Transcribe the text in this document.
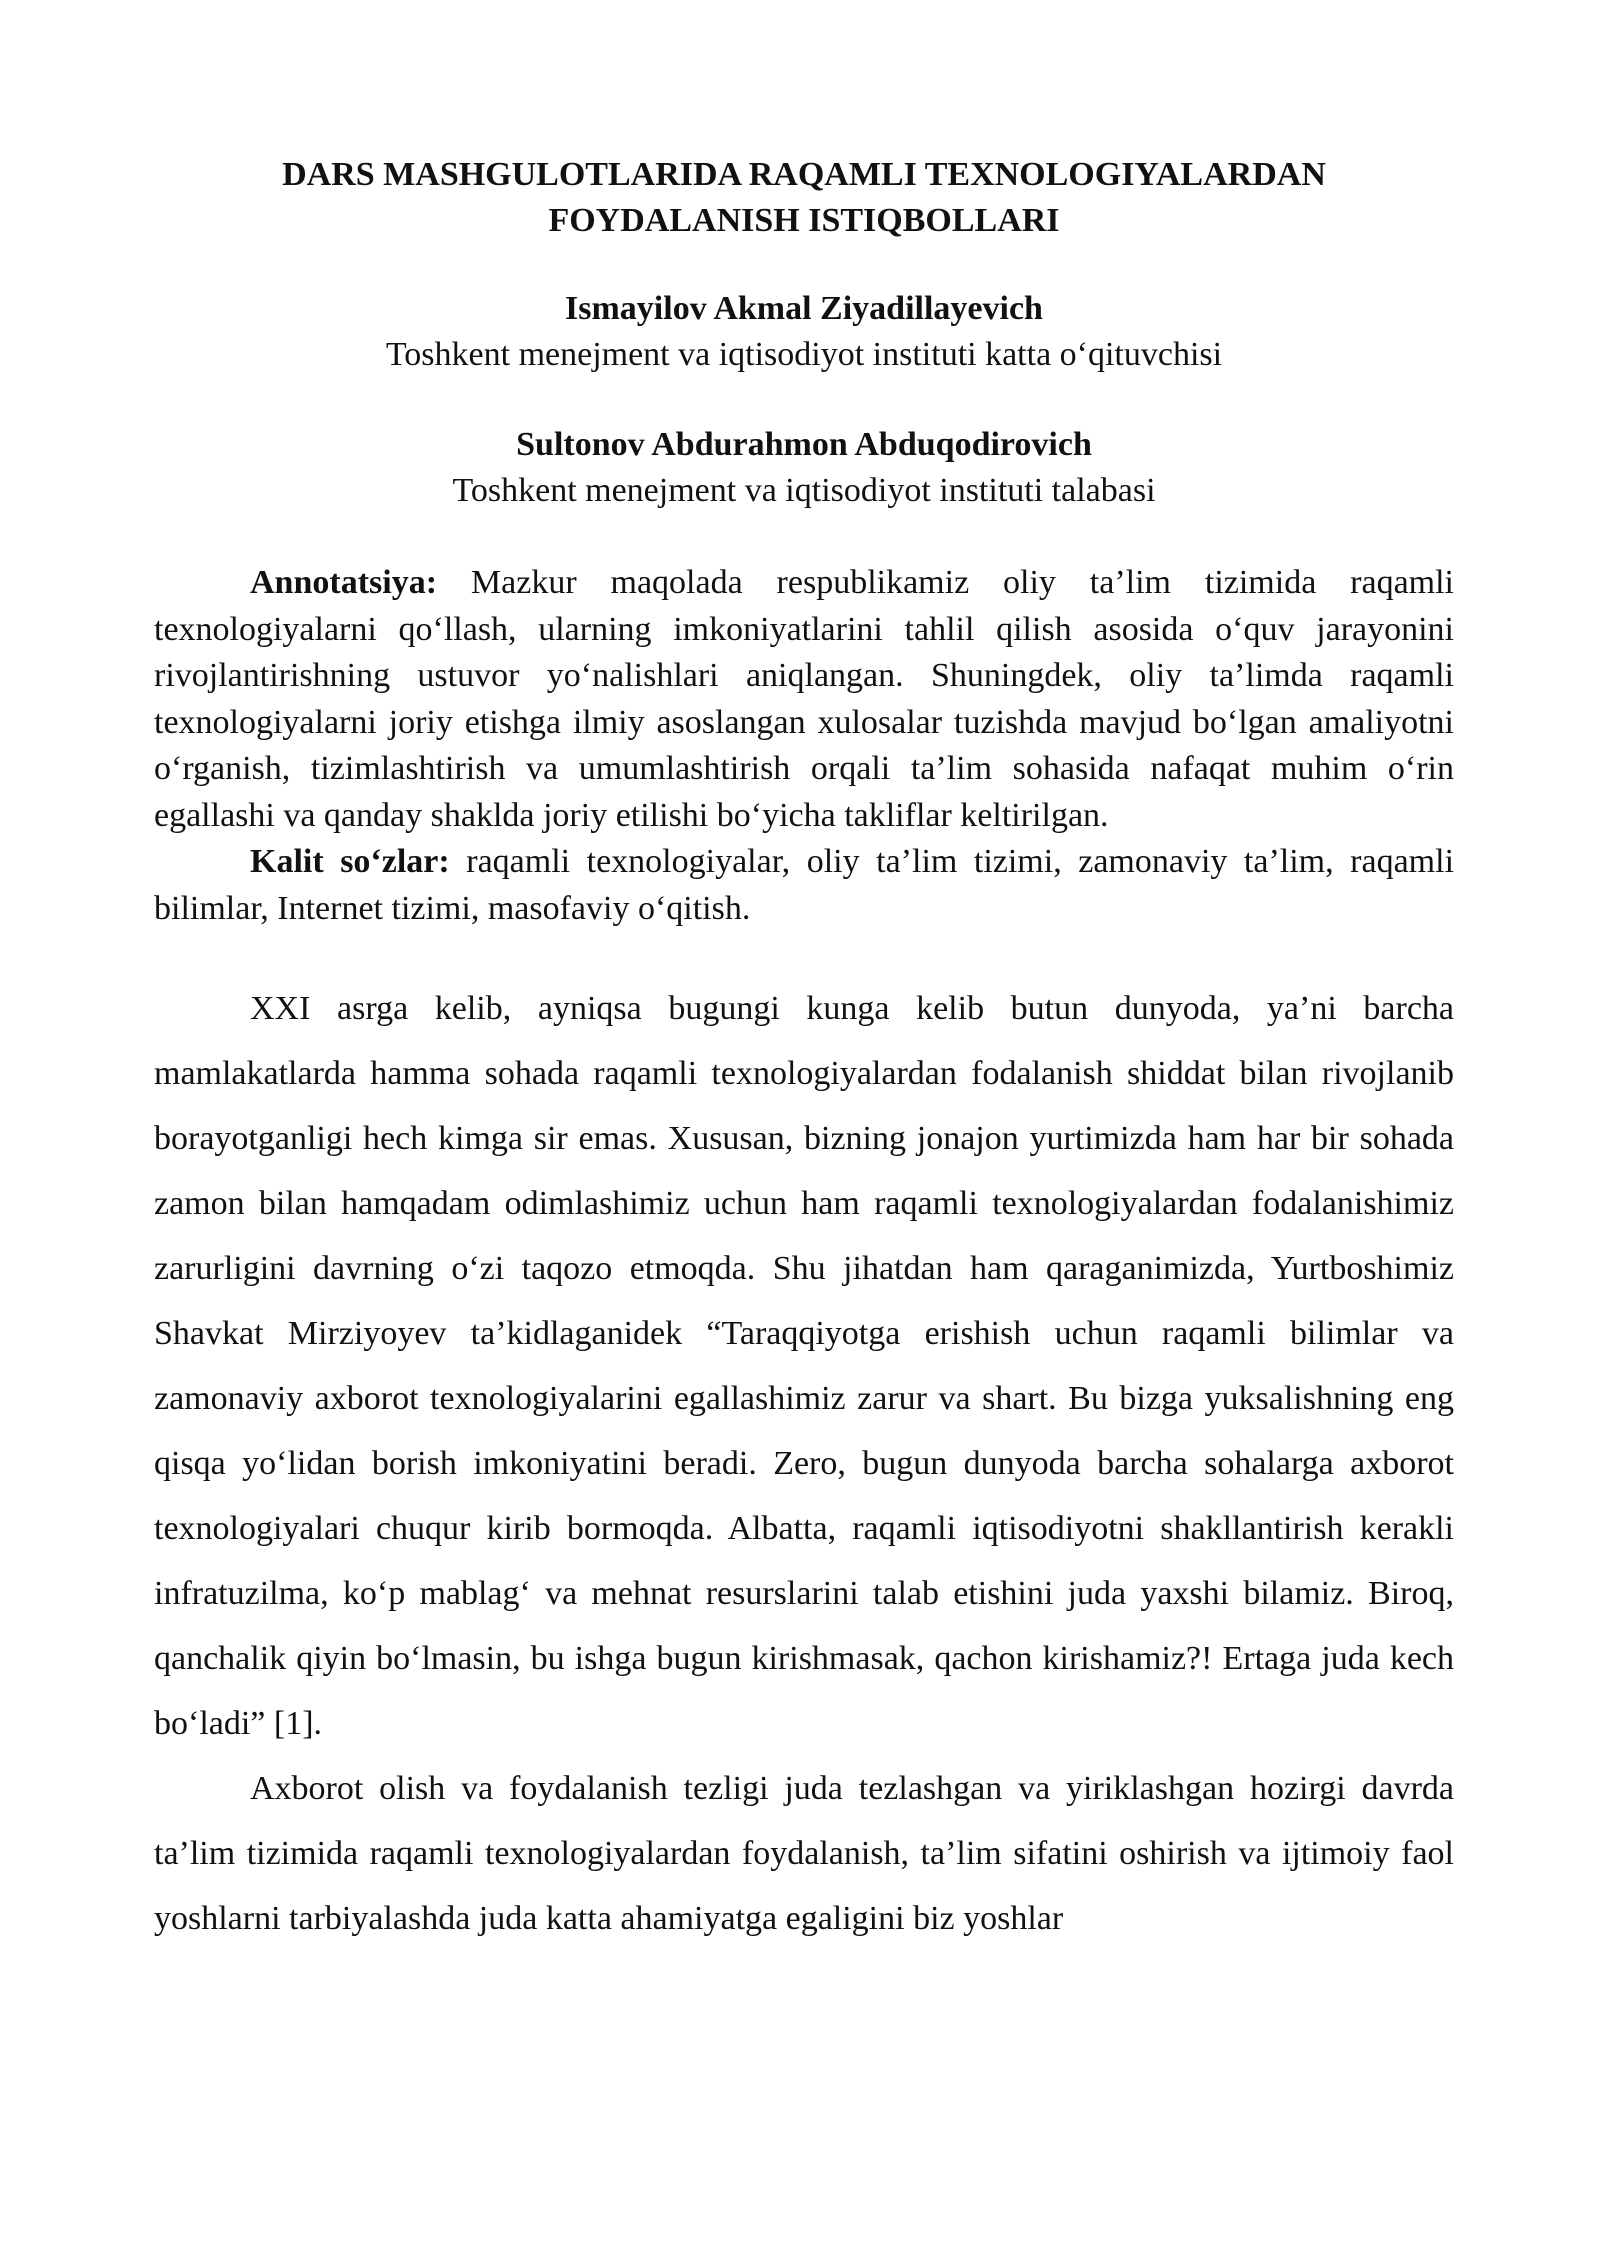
DARS MASHGULOTLARIDA RAQAMLI TEXNOLOGIYALARDAN

FOYDALANISH ISTIQBOLLARI

Ismayilov Akmal Ziyadillayevich

Toshkent menejment va iqtisodiyot instituti katta o‘qituvchisi

Sultonov Abdurahmon Abduqodirovich

Toshkent menejment va iqtisodiyot instituti talabasi

Annotatsiya: Mazkur maqolada respublikamiz oliy ta’lim tizimida raqamli texnologiyalarni qo‘llash, ularning imkoniyatlarini tahlil qilish asosida o‘quv jarayonini rivojlantirishning ustuvor yo‘nalishlari aniqlangan. Shuningdek, oliy ta’limda raqamli texnologiyalarni joriy etishga ilmiy asoslangan xulosalar tuzishda mavjud bo‘lgan amaliyotni o‘rganish, tizimlashtirish va umumlashtirish orqali ta’lim sohasida nafaqat muhim o‘rin egallashi va qanday shaklda joriy etilishi bo‘yicha takliflar keltirilgan.

Kalit so‘zlar: raqamli texnologiyalar, oliy ta’lim tizimi, zamonaviy ta’lim, raqamli bilimlar, Internet tizimi, masofaviy o‘qitish.

XXI asrga kelib, ayniqsa bugungi kunga kelib butun dunyoda, ya’ni barcha mamlakatlarda hamma sohada raqamli texnologiyalardan fodalanish shiddat bilan rivojlanib borayotganligi hech kimga sir emas. Xususan, bizning jonajon yurtimizda ham har bir sohada zamon bilan hamqadam odimlashimiz uchun ham raqamli texnologiyalardan fodalanishimiz zarurligini davrning o‘zi taqozo etmoqda. Shu jihatdan ham qaraganimizda, Yurtboshimiz Shavkat Mirziyoyev ta’kidlaganidek “Taraqqiyotga erishish uchun raqamli bilimlar va zamonaviy axborot texnologiyalarini egallashimiz zarur va shart. Bu bizga yuksalishning eng qisqa yo‘lidan borish imkoniyatini beradi. Zero, bugun dunyoda barcha sohalarga axborot texnologiyalari chuqur kirib bormoqda. Albatta, raqamli iqtisodiyotni shakllantirish kerakli infratuzilma, ko‘p mablag‘ va mehnat resurslarini talab etishini juda yaxshi bilamiz. Biroq, qanchalik qiyin bo‘lmasin, bu ishga bugun kirishmasak, qachon kirishamiz?! Ertaga juda kech bo‘ladi” [1].

Axborot olish va foydalanish tezligi juda tezlashgan va yiriklashgan hozirgi davrda ta’lim tizimida raqamli texnologiyalardan foydalanish, ta’lim sifatini oshirish va ijtimoiy faol yoshlarni tarbiyalashda juda katta ahamiyatga egaligini biz yoshlar
